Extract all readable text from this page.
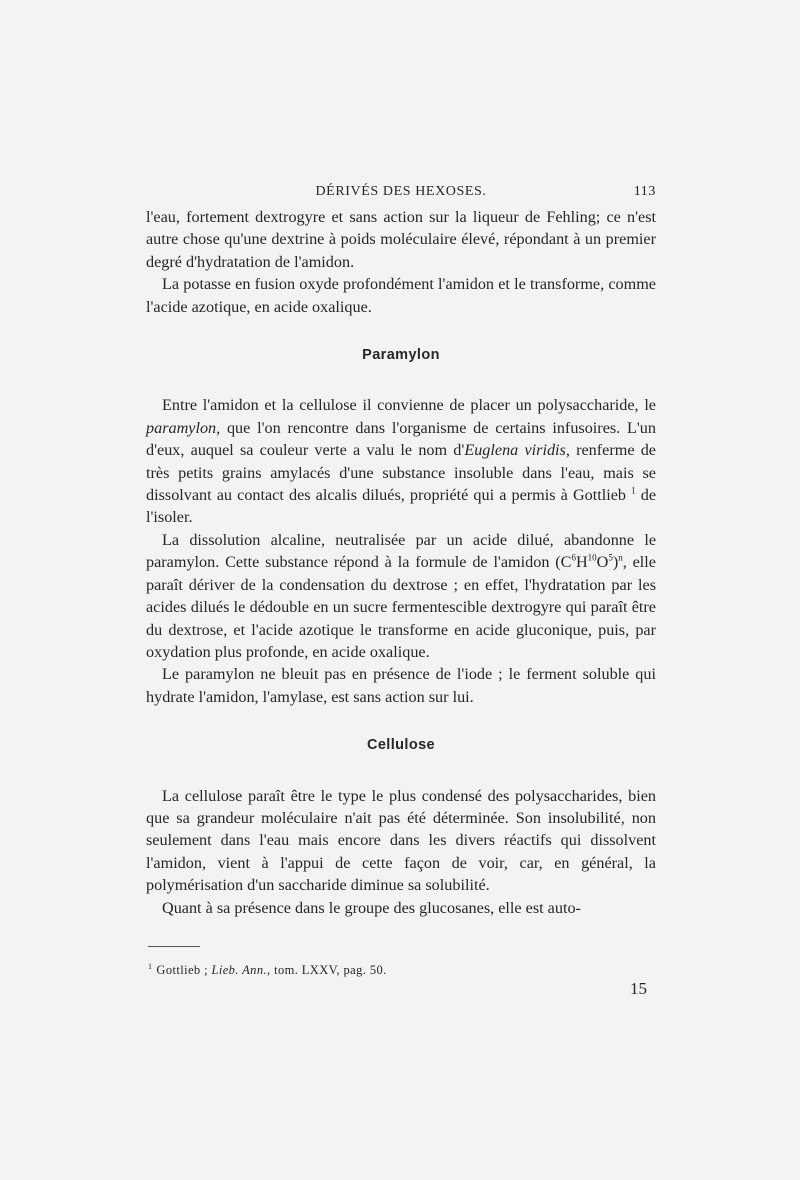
DÉRIVÉS DES HEXOSES.	113

l'eau, fortement dextrogyre et sans action sur la liqueur de Fehling; ce n'est autre chose qu'une dextrine à poids moléculaire élevé, répondant à un premier degré d'hydratation de l'amidon.

La potasse en fusion oxyde profondément l'amidon et le transforme, comme l'acide azotique, en acide oxalique.

Paramylon

Entre l'amidon et la cellulose il convienne de placer un polysaccharide, le paramylon, que l'on rencontre dans l'organisme de certains infusoires. L'un d'eux, auquel sa couleur verte a valu le nom d'Euglena viridis, renferme de très petits grains amylacés d'une substance insoluble dans l'eau, mais se dissolvant au contact des alcalis dilués, propriété qui a permis à Gottlieb $^1$ de l'isoler.

La dissolution alcaline, neutralisée par un acide dilué, abandonne le paramylon. Cette substance répond à la formule de l'amidon $(C^6H^{10}O^5)^n$, elle paraît dériver de la condensation du dextrose ; en effet, l'hydratation par les acides dilués le dédouble en un sucre fermentescible dextrogyre qui paraît être du dextrose, et l'acide azotique le transforme en acide gluconique, puis, par oxydation plus profonde, en acide oxalique.

Le paramylon ne bleuit pas en présence de l'iode ; le ferment soluble qui hydrate l'amidon, l'amylase, est sans action sur lui.

Cellulose

La cellulose paraît être le type le plus condensé des polysaccharides, bien que sa grandeur moléculaire n'ait pas été déterminée. Son insolubilité, non seulement dans l'eau mais encore dans les divers réactifs qui dissolvent l'amidon, vient à l'appui de cette façon de voir, car, en général, la polymérisation d'un saccharide diminue sa solubilité.

Quant à sa présence dans le groupe des glucosanes, elle est auto-

$^1$ Gottlieb ; Lieb. Ann., tom. LXXV, pag. 50.
15
